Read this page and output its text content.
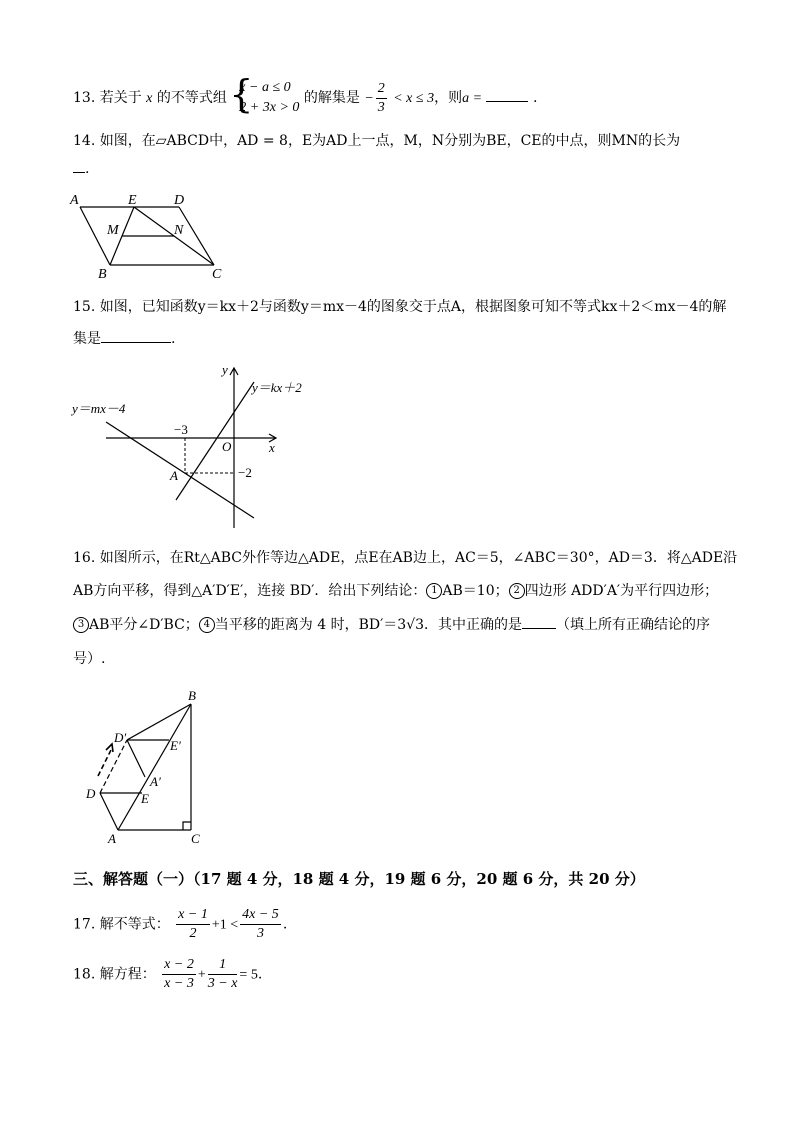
13. 若关于 x 的不等式组 {
x − a ≤ 0
2 + 3x > 0
的解集是 − $\frac{2}{3} < x \le 3$，则a =	.
14. 如图，在▱ABCD中，AD = 8，E为AD上一点，M，N分别为BE，CE的中点，则MN的长为
.
A	E	D
M	N
B	C
15. 如图，已知函数y＝kx＋2与函数y＝mx－4的图象交于点A，根据图象可知不等式kx＋2＜mx－4的解
集是	.
y＝kx＋2
y＝mx－4
y
x
O
−3
−2
A
16. 如图所示，在Rt△ABC外作等边△ADE，点E在AB边上，AC＝5，∠ABC＝30°，AD＝3．将△ADE沿
AB方向平移，得到△A′D′E′，连接 BD′．给出下列结论： 1 AB＝10； 2 四边形 ADD′A′为平行四边形；
3 AB平分∠D′BC； 4 当平移的距离为 4 时，BD′＝3√3．其中正确的是 （填上所有正确结论的序
号）.
B
D′
E′
A′
D	E
A	C
三、解答题（一）（17 题 4 分，18 题 4 分，19 题 6 分，20 题 6 分，共 20 分）
17. 解不等式： $\frac{x - 1}{2} +1 < \frac{4x - 5}{3}$ .
18. 解方程： $\frac{x - 2}{x - 3} + \frac{1}{3 - x} = 5$.
